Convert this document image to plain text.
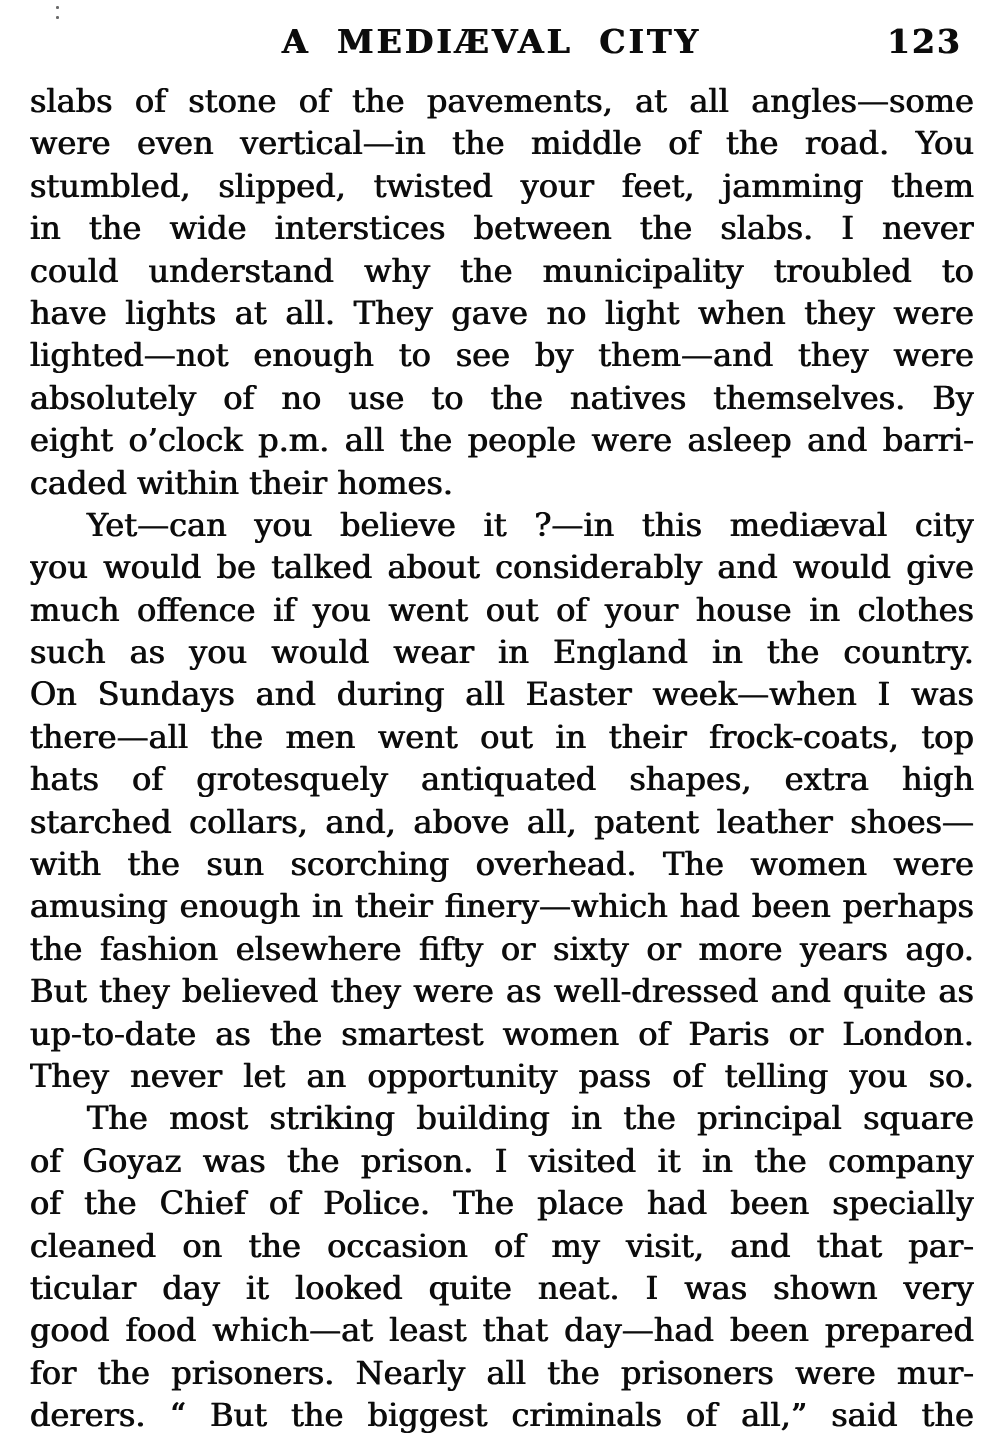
A MEDIÆVAL CITY	123
slabs of stone of the pavements, at all angles—some
were even vertical—in the middle of the road. You
stumbled, slipped, twisted your feet, jamming them
in the wide interstices between the slabs. I never
could understand why the municipality troubled to
have lights at all. They gave no light when they were
lighted—not enough to see by them—and they were
absolutely of no use to the natives themselves. By
eight o’clock p.m. all the people were asleep and barri-
caded within their homes.
Yet—can you believe it ?—in this mediæval city
you would be talked about considerably and would give
much offence if you went out of your house in clothes
such as you would wear in England in the country.
On Sundays and during all Easter week—when I was
there—all the men went out in their frock-coats, top
hats of grotesquely antiquated shapes, extra high
starched collars, and, above all, patent leather shoes—
with the sun scorching overhead. The women were
amusing enough in their finery—which had been perhaps
the fashion elsewhere fifty or sixty or more years ago.
But they believed they were as well-dressed and quite as
up-to-date as the smartest women of Paris or London.
They never let an opportunity pass of telling you so.
The most striking building in the principal square
of Goyaz was the prison. I visited it in the company
of the Chief of Police. The place had been specially
cleaned on the occasion of my visit, and that par-
ticular day it looked quite neat. I was shown very
good food which—at least that day—had been prepared
for the prisoners. Nearly all the prisoners were mur-
derers. “ But the biggest criminals of all,” said the
